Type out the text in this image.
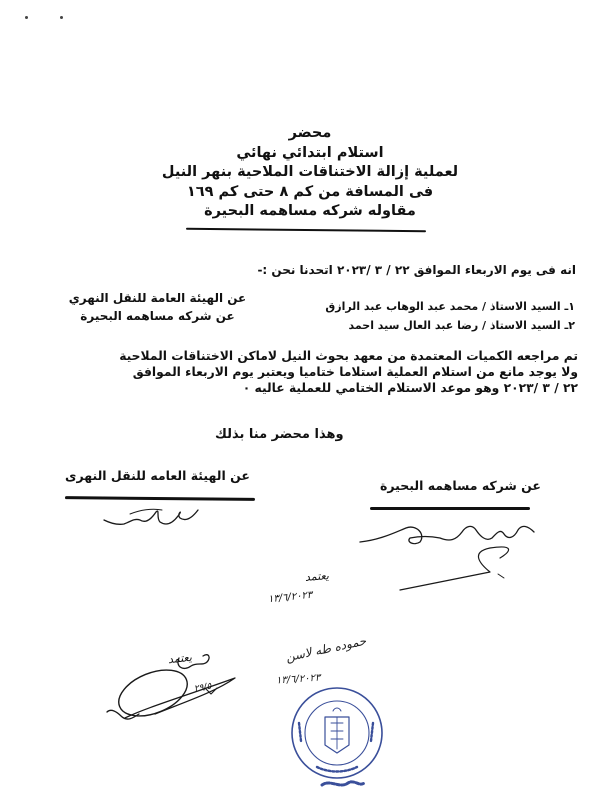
محضر
استلام ابتدائي نهائي
لعملية إزالة الاختناقات الملاحية بنهر النيل
فى المسافة من كم ٨ حتى كم ١٦٩
مقاوله شركه مساهمه البحيرة
انه فى يوم الاربعاء الموافق ٢٢ / ٣ /٢٠٢٣ اتحدنا نحن :-
١ـ السيد الاستاذ / محمد عبد الوهاب عبد الرازق
٢ـ السيد الاستاذ / رضا عبد العال سيد احمد
عن الهيئة العامة للنقل النهري
عن شركه مساهمه البحيرة
تم مراجعه الكميات المعتمدة من معهد بحوث النيل لاماكن الاختناقات الملاحية
ولا يوجد مانع من استلام العملية استلاما ختاميا ويعتبر يوم الاربعاء الموافق
٢٢ / ٣ /٢٠٢٣ وهو موعد الاستلام الختامي للعملية عاليه ٠
وهذا محضر منا بذلك
عن الهيئة العامه للنقل النهرى
عن شركه مساهمه البحيرة
يعتمد
١٣/٦/٢٠٢٣
يعتمد
٢٩/٥
حموده طه لاسن
١٣/٦/٢٠٢٣
